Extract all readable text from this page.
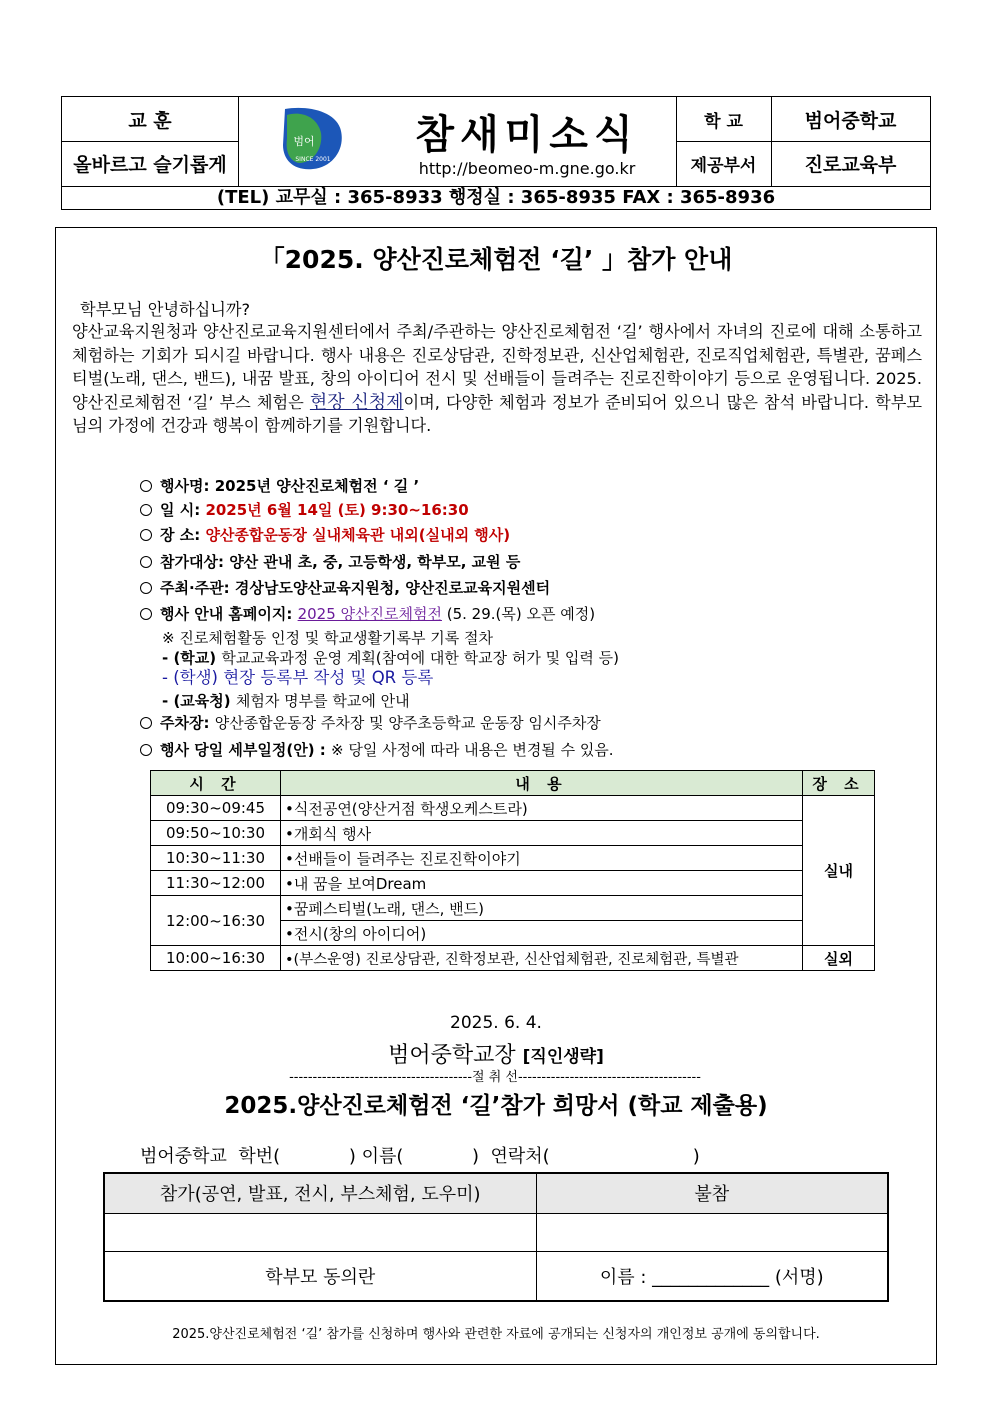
교 훈
올바르고 슬기롭게
범어
SINCE 2001
참새미소식
http://beomeo-m.gne.go.kr
학 교	범어중학교
제공부서	진로교육부
(TEL) 교무실 : 365-8933 행정실 : 365-8935 FAX : 365-8936
「2025. 양산진로체험전 ‘길’ 」참가 안내
학부모님 안녕하십니까?
양산교육지원청과 양산진로교육지원센터에서 주최/주관하는 양산진로체험전 ‘길’ 행사에서 자녀의 진로에 대해 소통하고 체험하는 기회가 되시길 바랍니다. 행사 내용은 진로상담관, 진학정보관, 신산업체험관, 진로직업체험관, 특별관, 꿈페스티벌(노래, 댄스, 밴드), 내꿈 발표, 창의 아이디어 전시 및 선배들이 들려주는 진로진학이야기 등으로 운영됩니다. 2025. 양산진로체험전 ‘길’ 부스 체험은 현장 신청제이며, 다양한 체험과 정보가 준비되어 있으니 많은 참석 바랍니다. 학부모님의 가정에 건강과 행복이 함께하기를 기원합니다.
행사명: 2025년 양산진로체험전 ‘ 길 ’
일 시: 2025년 6월 14일 (토) 9:30~16:30
장 소: 양산종합운동장 실내체육관 내외(실내외 행사)
참가대상: 양산 관내 초, 중, 고등학생, 학부모, 교원 등
주최·주관: 경상남도양산교육지원청, 양산진로교육지원센터
행사 안내 홈페이지: 2025 양산진로체험전 (5. 29.(목) 오픈 예정)
※ 진로체험활동 인정 및 학교생활기록부 기록 절차
- (학교) 학교교육과정 운영 계획(참여에 대한 학교장 허가 및 입력 등)
- (학생) 현장 등록부 작성 및 QR 등록
- (교육청) 체험자 명부를 학교에 안내
주차장: 양산종합운동장 주차장 및 양주초등학교 운동장 임시주차장
행사 당일 세부일정(안) : ※ 당일 사정에 따라 내용은 변경될 수 있음.
시 간	내 용	장 소
09:30~09:45	•식전공연(양산거점 학생오케스트라)	실내
09:50~10:30	•개회식 행사	
10:30~11:30	•선배들이 들려주는 진로진학이야기	
11:30~12:00	•내 꿈을 보여Dream	
12:00~16:30	•꿈페스티벌(노래, 댄스, 밴드)	
	•전시(창의 아이디어)	
10:00~16:30	•(부스운영) 진로상담관, 진학정보관, 신산업체험관, 진로체험관, 특별관	실외
2025. 6. 4.
범어중학교장 [직인생략]
---------------------------------------절 취 선---------------------------------------
2025.양산진로체험전 ‘길’참가 희망서 (학교 제출용)
범어중학교  학번(            ) 이름(            )  연락처(                         )
참가(공연, 발표, 전시, 부스체험, 도우미)	불참

학부모 동의란	이름 : _____________ (서명)
2025.양산진로체험전 ‘길’ 참가를 신청하며 행사와 관련한 자료에 공개되는 신청자의 개인정보 공개에 동의합니다.
